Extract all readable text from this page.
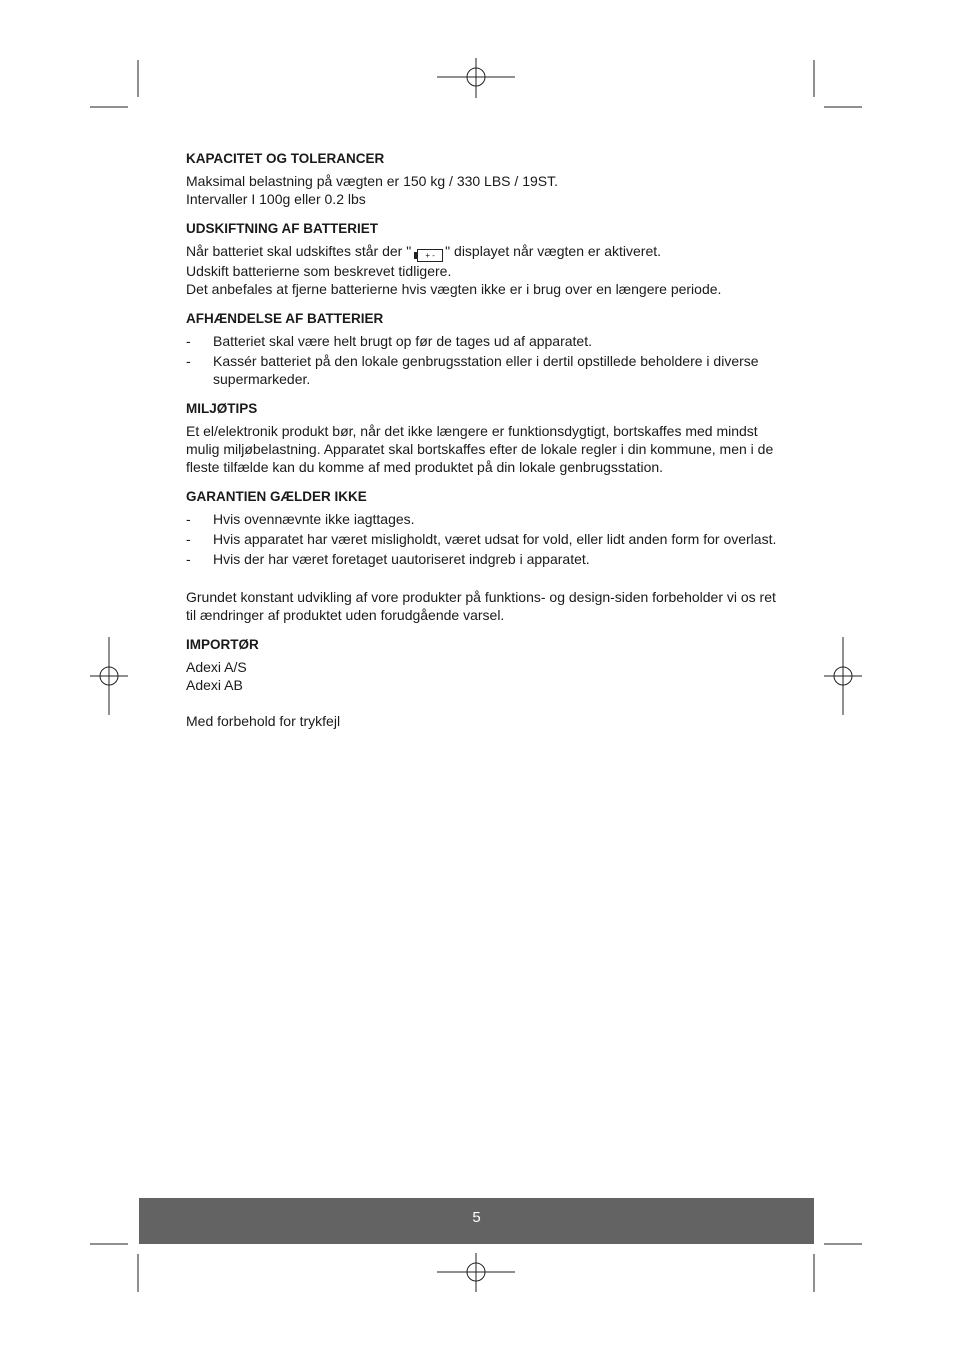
KAPACITET OG TOLERANCER

Maksimal belastning på vægten er 150 kg / 330 LBS / 19ST.

Intervaller I 100g eller 0.2 lbs

UDSKIFTNING AF BATTERIET

Når batteriet skal udskiftes står der " + - " displayet når vægten er aktiveret.

Udskift batterierne som beskrevet tidligere.

Det anbefales at fjerne batterierne hvis vægten ikke er i brug over en længere periode.

AFHÆNDELSE AF BATTERIER
- Batteriet skal være helt brugt op før de tages ud af apparatet.
- Kassér batteriet på den lokale genbrugsstation eller i dertil opstillede beholdere i diverse supermarkeder.
MILJØTIPS

Et el/elektronik produkt bør, når det ikke længere er funktionsdygtigt, bortskaffes med mindst mulig miljøbelastning. Apparatet skal bortskaffes efter de lokale regler i din kommune, men i de fleste tilfælde kan du komme af med produktet på din lokale genbrugsstation.

GARANTIEN GÆLDER IKKE
- Hvis ovennævnte ikke iagttages.
- Hvis apparatet har været misligholdt, været udsat for vold, eller lidt anden form for overlast.
- Hvis der har været foretaget uautoriseret indgreb i apparatet.

Grundet konstant udvikling af vore produkter på funktions- og design-siden forbeholder vi os ret til ændringer af produktet uden forudgående varsel.

IMPORTØR

Adexi A/S

Adexi AB

Med forbehold for trykfejl

5
